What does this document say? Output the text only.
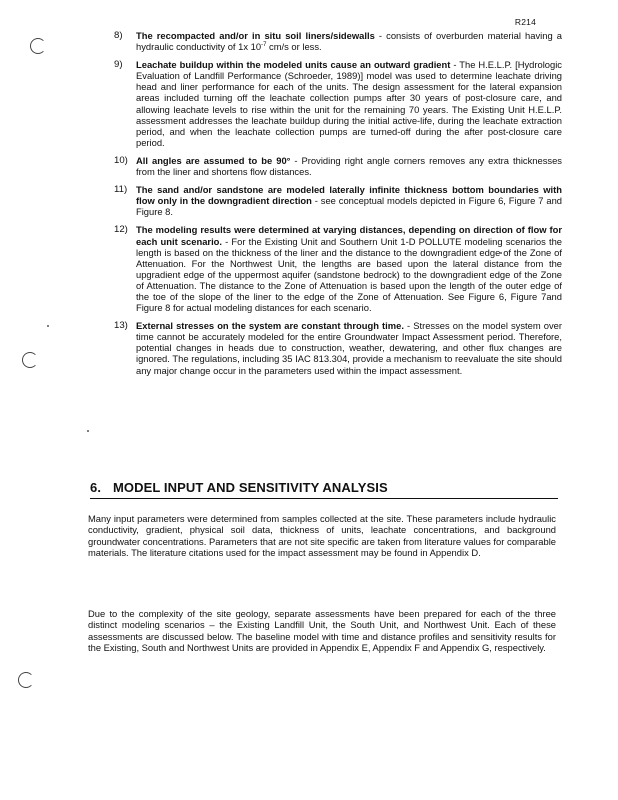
R214
8) The recompacted and/or in situ soil liners/sidewalls - consists of overburden material having a hydraulic conductivity of 1x $10^{-7}$ cm/s or less.
9) Leachate buildup within the modeled units cause an outward gradient - The H.E.L.P. [Hydrologic Evaluation of Landfill Performance (Schroeder, 1989)] model was used to determine leachate driving head and liner performance for each of the units. The design assessment for the lateral expansion areas included turning off the leachate collection pumps after 30 years of post-closure care, and allowing leachate levels to rise within the unit for the remaining 70 years. The Existing Unit H.E.L.P. assessment addresses the leachate buildup during the initial active-life, during the leachate extraction period, and when the leachate collection pumps are turned-off during the after post-closure care period.
10) All angles are assumed to be 90° - Providing right angle corners removes any extra thicknesses from the liner and shortens flow distances.
11) The sand and/or sandstone are modeled laterally infinite thickness bottom boundaries with flow only in the downgradient direction - see conceptual models depicted in Figure 6, Figure 7 and Figure 8.
12) The modeling results were determined at varying distances, depending on direction of flow for each unit scenario. - For the Existing Unit and Southern Unit 1-D POLLUTE modeling scenarios the length is based on the thickness of the liner and the distance to the downgradient edge of the Zone of Attenuation. For the Northwest Unit, the lengths are based upon the lateral distance from the upgradient edge of the uppermost aquifer (sandstone bedrock) to the downgradient edge of the Zone of Attenuation. The distance to the Zone of Attenuation is based upon the length of the outer edge of the toe of the slope of the liner to the edge of the Zone of Attenuation. See Figure 6, Figure 7and Figure 8 for actual modeling distances for each scenario.
13) External stresses on the system are constant through time. - Stresses on the model system over time cannot be accurately modeled for the entire Groundwater Impact Assessment period. Therefore, potential changes in heads due to construction, weather, dewatering, and other flux changes are ignored. The regulations, including 35 IAC 813.304, provide a mechanism to reevaluate the site should any major change occur in the parameters used within the impact assessment.
6. MODEL INPUT AND SENSITIVITY ANALYSIS

Many input parameters were determined from samples collected at the site. These parameters include hydraulic conductivity, gradient, physical soil data, thickness of units, leachate concentrations, and background groundwater concentrations. Parameters that are not site specific are taken from literature values for comparable materials. The literature citations used for the impact assessment may be found in Appendix D.

Due to the complexity of the site geology, separate assessments have been prepared for each of the three distinct modeling scenarios – the Existing Landfill Unit, the South Unit, and Northwest Unit. Each of these assessments are discussed below. The baseline model with time and distance profiles and sensitivity results for the Existing, South and Northwest Units are provided in Appendix E, Appendix F and Appendix G, respectively.
